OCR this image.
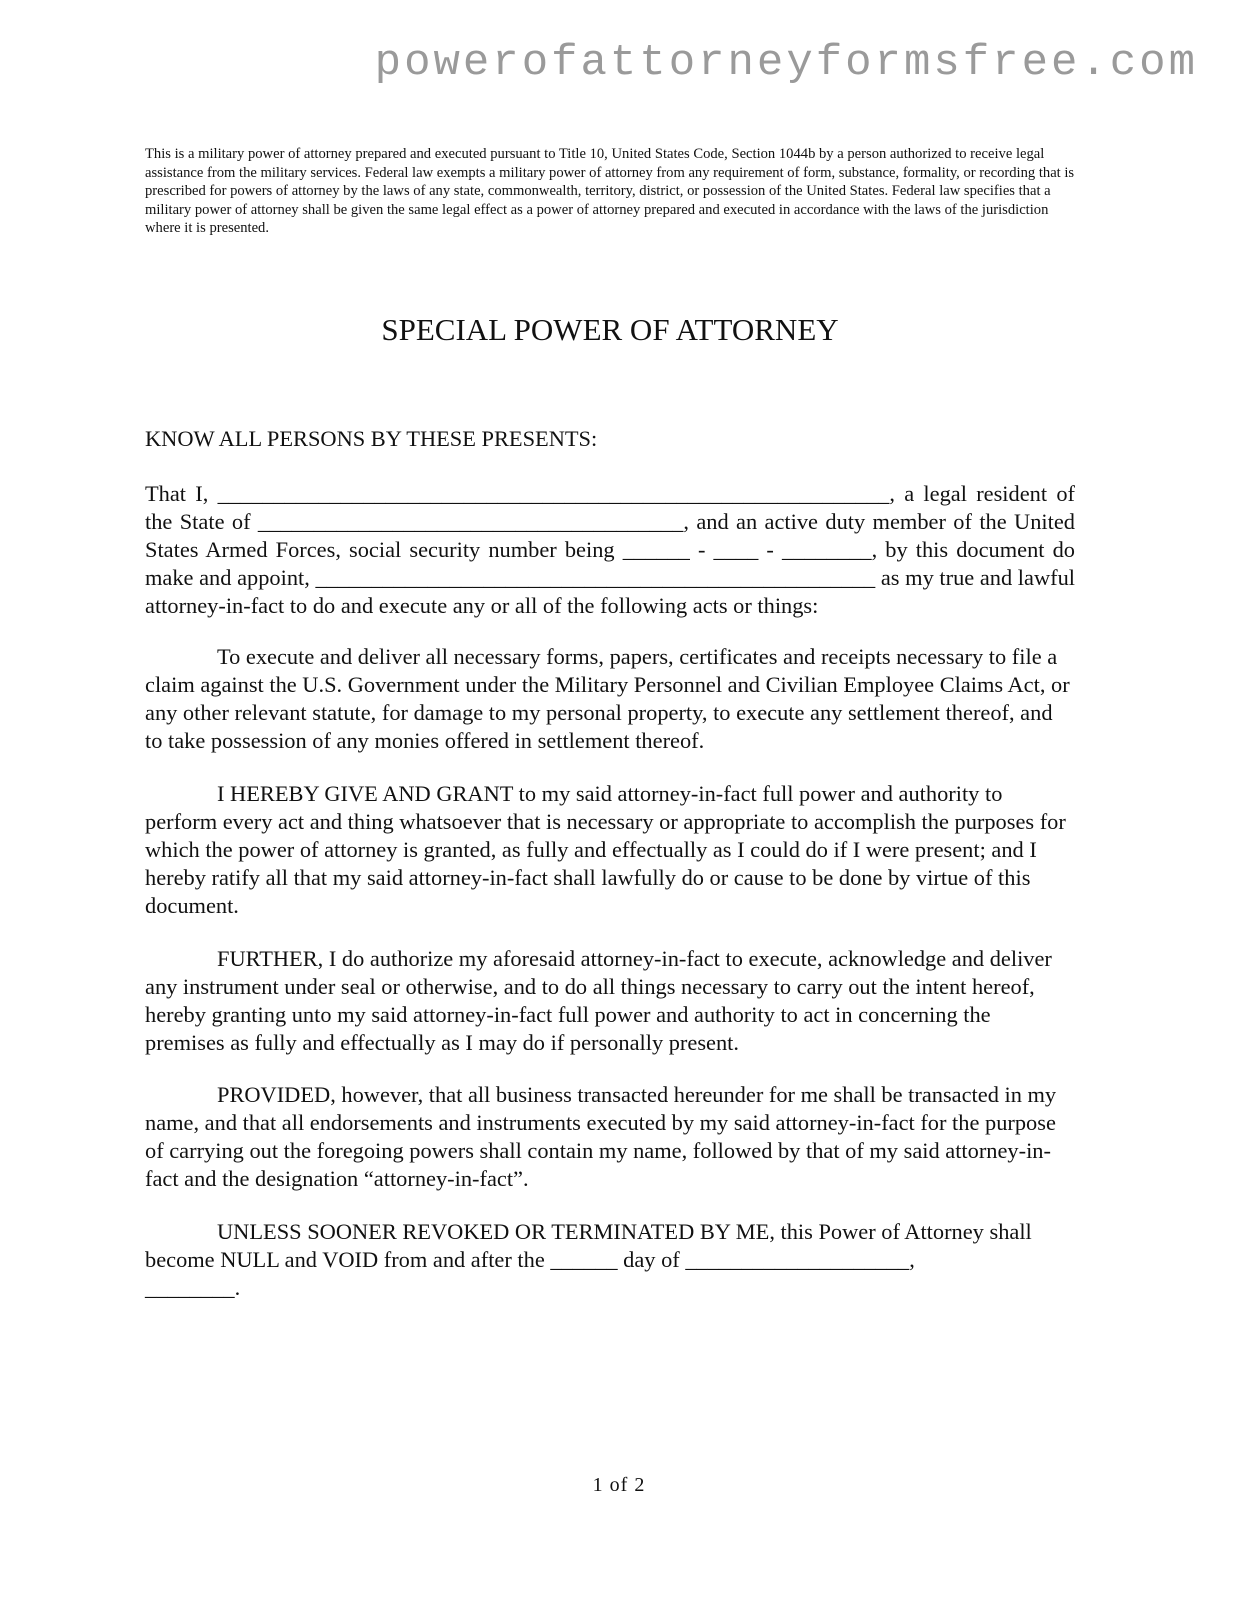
powerofattorneyformsfree.com

This is a military power of attorney prepared and executed pursuant to Title 10, United States Code, Section 1044b by a person authorized to receive legal assistance from the military services. Federal law exempts a military power of attorney from any requirement of form, substance, formality, or recording that is prescribed for powers of attorney by the laws of any state, commonwealth, territory, district, or possession of the United States. Federal law specifies that a military power of attorney shall be given the same legal effect as a power of attorney prepared and executed in accordance with the laws of the jurisdiction where it is presented.

SPECIAL POWER OF ATTORNEY

KNOW ALL PERSONS BY THESE PRESENTS:

That I, ____________________________________________________________, a legal resident of the State of ______________________________________, and an active duty member of the United States Armed Forces, social security number being ______ - ____ - ________, by this document do make and appoint, __________________________________________________ as my true and lawful attorney-in-fact to do and execute any or all of the following acts or things:

To execute and deliver all necessary forms, papers, certificates and receipts necessary to file a claim against the U.S. Government under the Military Personnel and Civilian Employee Claims Act, or any other relevant statute, for damage to my personal property, to execute any settlement thereof, and to take possession of any monies offered in settlement thereof.

I HEREBY GIVE AND GRANT to my said attorney-in-fact full power and authority to perform every act and thing whatsoever that is necessary or appropriate to accomplish the purposes for which the power of attorney is granted, as fully and effectually as I could do if I were present; and I hereby ratify all that my said attorney-in-fact shall lawfully do or cause to be done by virtue of this document.

FURTHER, I do authorize my aforesaid attorney-in-fact to execute, acknowledge and deliver any instrument under seal or otherwise, and to do all things necessary to carry out the intent hereof, hereby granting unto my said attorney-in-fact full power and authority to act in concerning the premises as fully and effectually as I may do if personally present.

PROVIDED, however, that all business transacted hereunder for me shall be transacted in my name, and that all endorsements and instruments executed by my said attorney-in-fact for the purpose of carrying out the foregoing powers shall contain my name, followed by that of my said attorney-in-fact and the designation “attorney-in-fact”.

UNLESS SOONER REVOKED OR TERMINATED BY ME, this Power of Attorney shall become NULL and VOID from and after the ______ day of ____________________,
________.

1 of 2
